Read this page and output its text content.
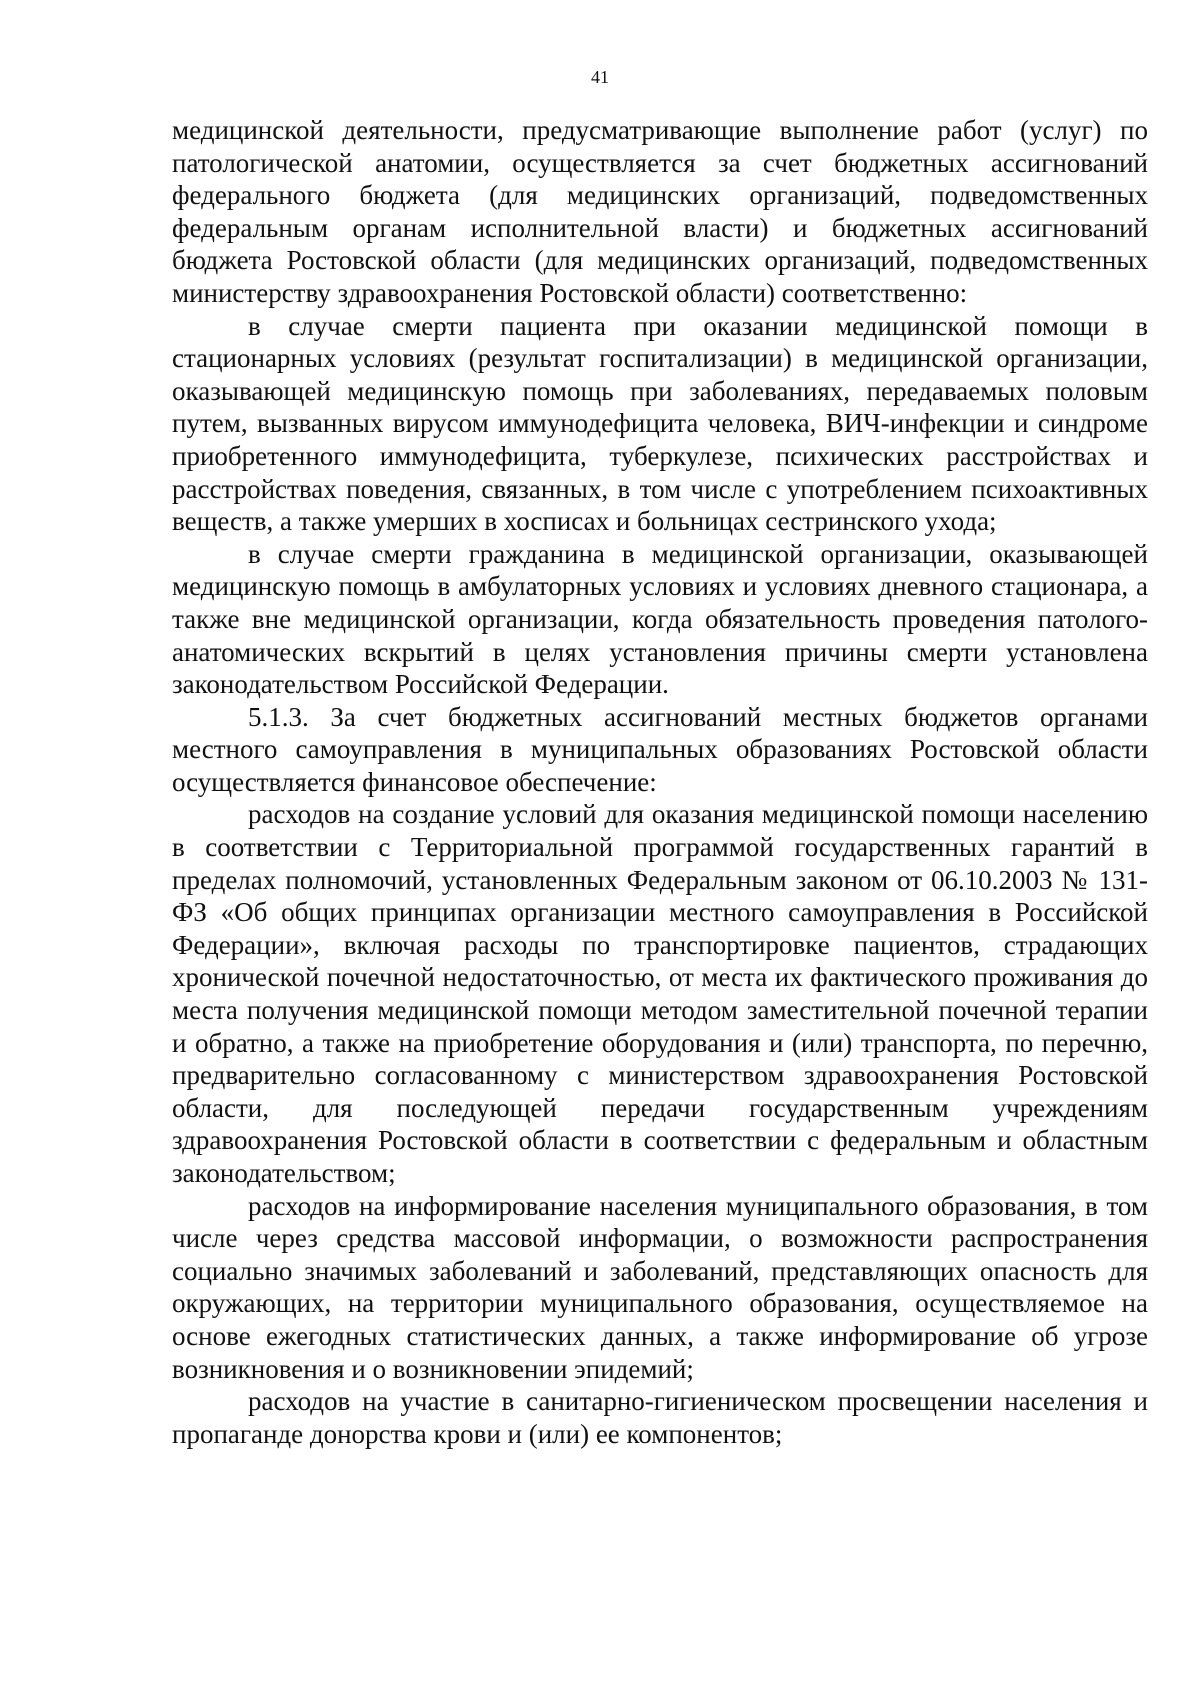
41

медицинской деятельности, предусматривающие выполнение работ (услуг) по патологической анатомии, осуществляется за счет бюджетных ассигнований федерального бюджета (для медицинских организаций, подведомственных федеральным органам исполнительной власти) и бюджетных ассигнований бюджета Ростовской области (для медицинских организаций, подведомственных министерству здравоохранения Ростовской области) соответственно:

в случае смерти пациента при оказании медицинской помощи в стационарных условиях (результат госпитализации) в медицинской организации, оказывающей медицинскую помощь при заболеваниях, передаваемых половым путем, вызванных вирусом иммунодефицита человека, ВИЧ-инфекции и синдроме приобретенного иммунодефицита, туберкулезе, психических расстройствах и расстройствах поведения, связанных, в том числе с употреблением психоактивных веществ, а также умерших в хосписах и больницах сестринского ухода;

в случае смерти гражданина в медицинской организации, оказывающей медицинскую помощь в амбулаторных условиях и условиях дневного стационара, а также вне медицинской организации, когда обязательность проведения патолого-анатомических вскрытий в целях установления причины смерти установлена законодательством Российской Федерации.

5.1.3. За счет бюджетных ассигнований местных бюджетов органами местного самоуправления в муниципальных образованиях Ростовской области осуществляется финансовое обеспечение:

расходов на создание условий для оказания медицинской помощи населению в соответствии с Территориальной программой государственных гарантий в пределах полномочий, установленных Федеральным законом от 06.10.2003 № 131-ФЗ «Об общих принципах организации местного самоуправления в Российской Федерации», включая расходы по транспортировке пациентов, страдающих хронической почечной недостаточностью, от места их фактического проживания до места получения медицинской помощи методом заместительной почечной терапии и обратно, а также на приобретение оборудования и (или) транспорта, по перечню, предварительно согласованному с министерством здравоохранения Ростовской области, для последующей передачи государственным учреждениям здравоохранения Ростовской области в соответствии с федеральным и областным законодательством;

расходов на информирование населения муниципального образования, в том числе через средства массовой информации, о возможности распространения социально значимых заболеваний и заболеваний, представляющих опасность для окружающих, на территории муниципального образования, осуществляемое на основе ежегодных статистических данных, а также информирование об угрозе возникновения и о возникновении эпидемий;

расходов на участие в санитарно-гигиеническом просвещении населения и пропаганде донорства крови и (или) ее компонентов;
